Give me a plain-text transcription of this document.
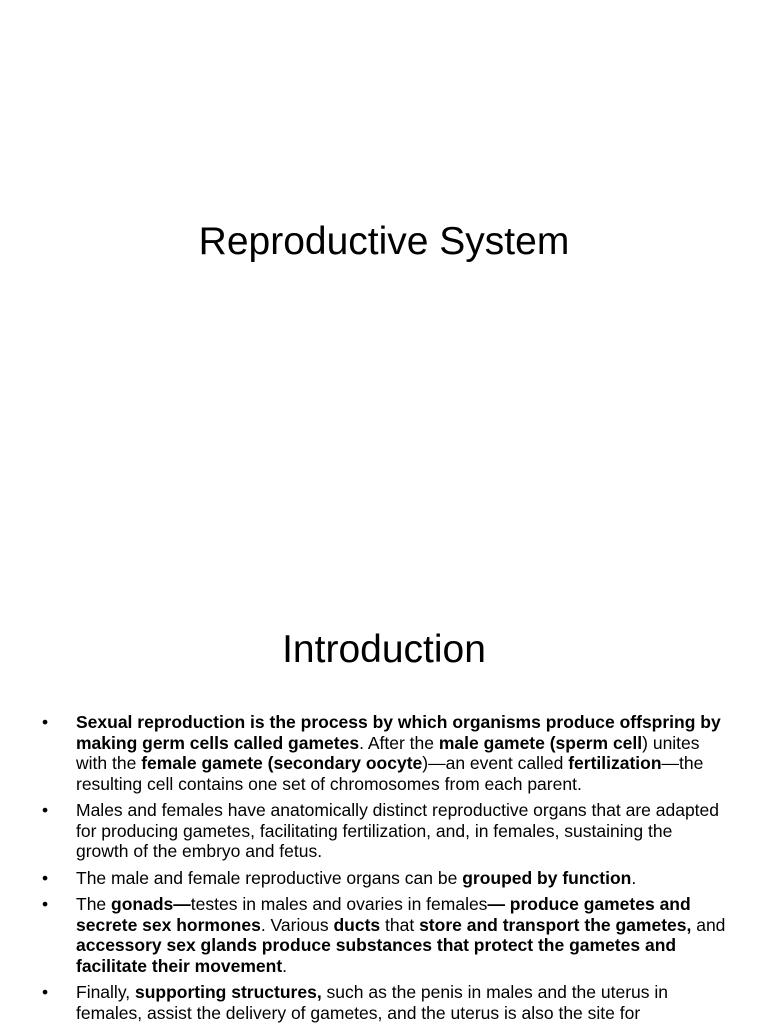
Reproductive System
Introduction
•	Sexual reproduction is the process by which organisms produce offspring by making germ cells called gametes. After the male gamete (sperm cell) unites with the female gamete (secondary oocyte)—an event called fertilization—the resulting cell contains one set of chromosomes from each parent.
•	Males and females have anatomically distinct reproductive organs that are adapted for producing gametes, facilitating fertilization, and, in females, sustaining the growth of the embryo and fetus.
•	The male and female reproductive organs can be grouped by function.
•	The gonads—testes in males and ovaries in females— produce gametes and secrete sex hormones. Various ducts that store and transport the gametes, and accessory sex glands produce substances that protect the gametes and facilitate their movement.
•	Finally, supporting structures, such as the penis in males and the uterus in females, assist the delivery of gametes, and the uterus is also the site for
